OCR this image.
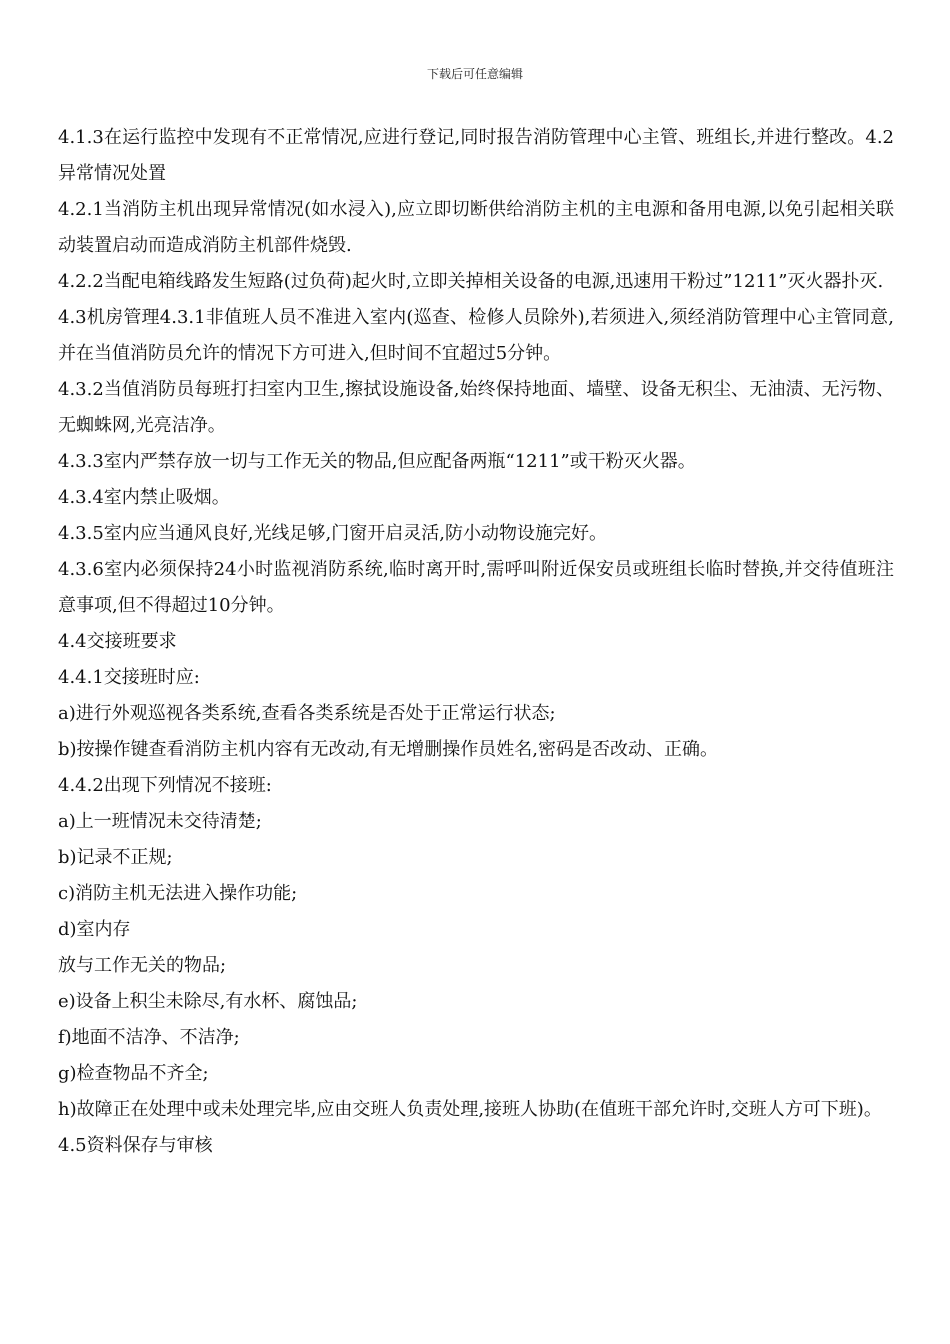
下载后可任意编辑

4.1.3在运行监控中发现有不正常情况,应进行登记,同时报告消防管理中心主管、班组长,并进行整改。4.2异常情况处置

4.2.1当消防主机出现异常情况(如水浸入),应立即切断供给消防主机的主电源和备用电源,以免引起相关联动装置启动而造成消防主机部件烧毁.

4.2.2当配电箱线路发生短路(过负荷)起火时,立即关掉相关设备的电源,迅速用干粉过”1211”灭火器扑灭.

4.3机房管理4.3.1非值班人员不准进入室内(巡查、检修人员除外),若须进入,须经消防管理中心主管同意,并在当值消防员允许的情况下方可进入,但时间不宜超过5分钟。

4.3.2当值消防员每班打扫室内卫生,擦拭设施设备,始终保持地面、墙壁、设备无积尘、无油渍、无污物、无蜘蛛网,光亮洁净。

4.3.3室内严禁存放一切与工作无关的物品,但应配备两瓶“1211”或干粉灭火器。

4.3.4室内禁止吸烟。

4.3.5室内应当通风良好,光线足够,门窗开启灵活,防小动物设施完好。

4.3.6室内必须保持24小时监视消防系统,临时离开时,需呼叫附近保安员或班组长临时替换,并交待值班注意事项,但不得超过10分钟。

4.4交接班要求

4.4.1交接班时应:

a)进行外观巡视各类系统,查看各类系统是否处于正常运行状态;

b)按操作键查看消防主机内容有无改动,有无增删操作员姓名,密码是否改动、正确。

4.4.2出现下列情况不接班:

a)上一班情况未交待清楚;

b)记录不正规;

c)消防主机无法进入操作功能;

d)室内存

放与工作无关的物品;

e)设备上积尘未除尽,有水杯、腐蚀品;

f)地面不洁净、不洁净;

g)检查物品不齐全;

h)故障正在处理中或未处理完毕,应由交班人负责处理,接班人协助(在值班干部允许时,交班人方可下班)。

4.5资料保存与审核
